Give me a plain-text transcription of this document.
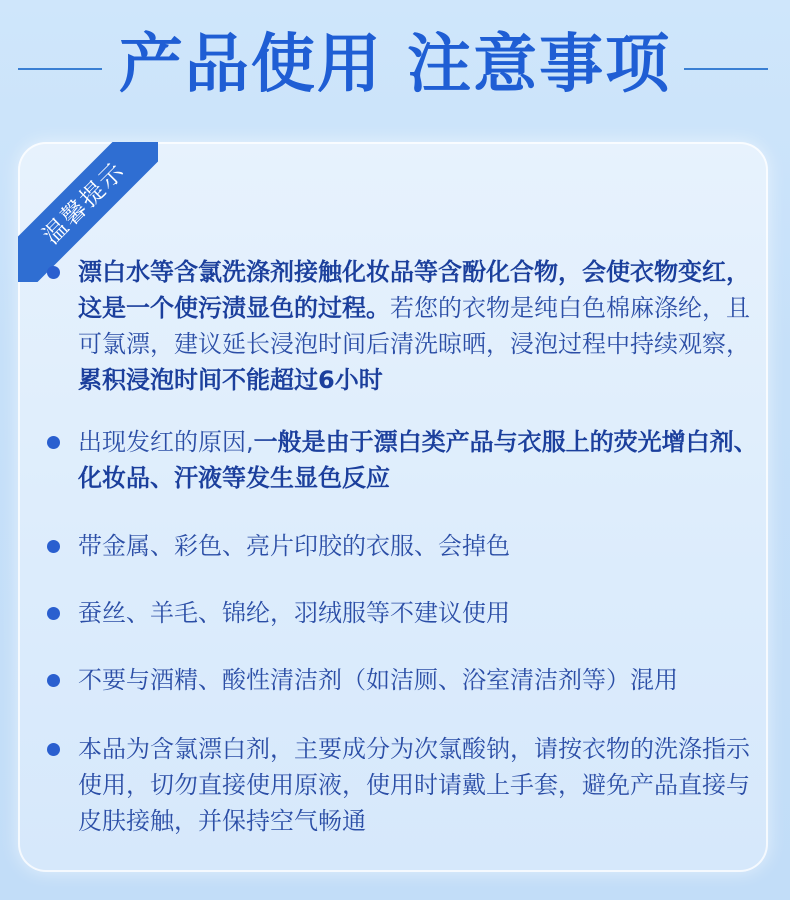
产品使用 注意事项
温馨提示
漂白水等含氯洗涤剂接触化妆品等含酚化合物，会使衣物变红，这是一个使污渍显色的过程。若您的衣物是纯白色棉麻涤纶，且可氯漂，建议延长浸泡时间后清洗晾晒，浸泡过程中持续观察，累积浸泡时间不能超过6小时
出现发红的原因,一般是由于漂白类产品与衣服上的荧光增白剂、化妆品、汗液等发生显色反应
带金属、彩色、亮片印胶的衣服、会掉色
蚕丝、羊毛、锦纶，羽绒服等不建议使用
不要与酒精、酸性清洁剂（如洁厕、浴室清洁剂等）混用
本品为含氯漂白剂，主要成分为次氯酸钠，请按衣物的洗涤指示使用，切勿直接使用原液，使用时请戴上手套，避免产品直接与皮肤接触，并保持空气畅通
